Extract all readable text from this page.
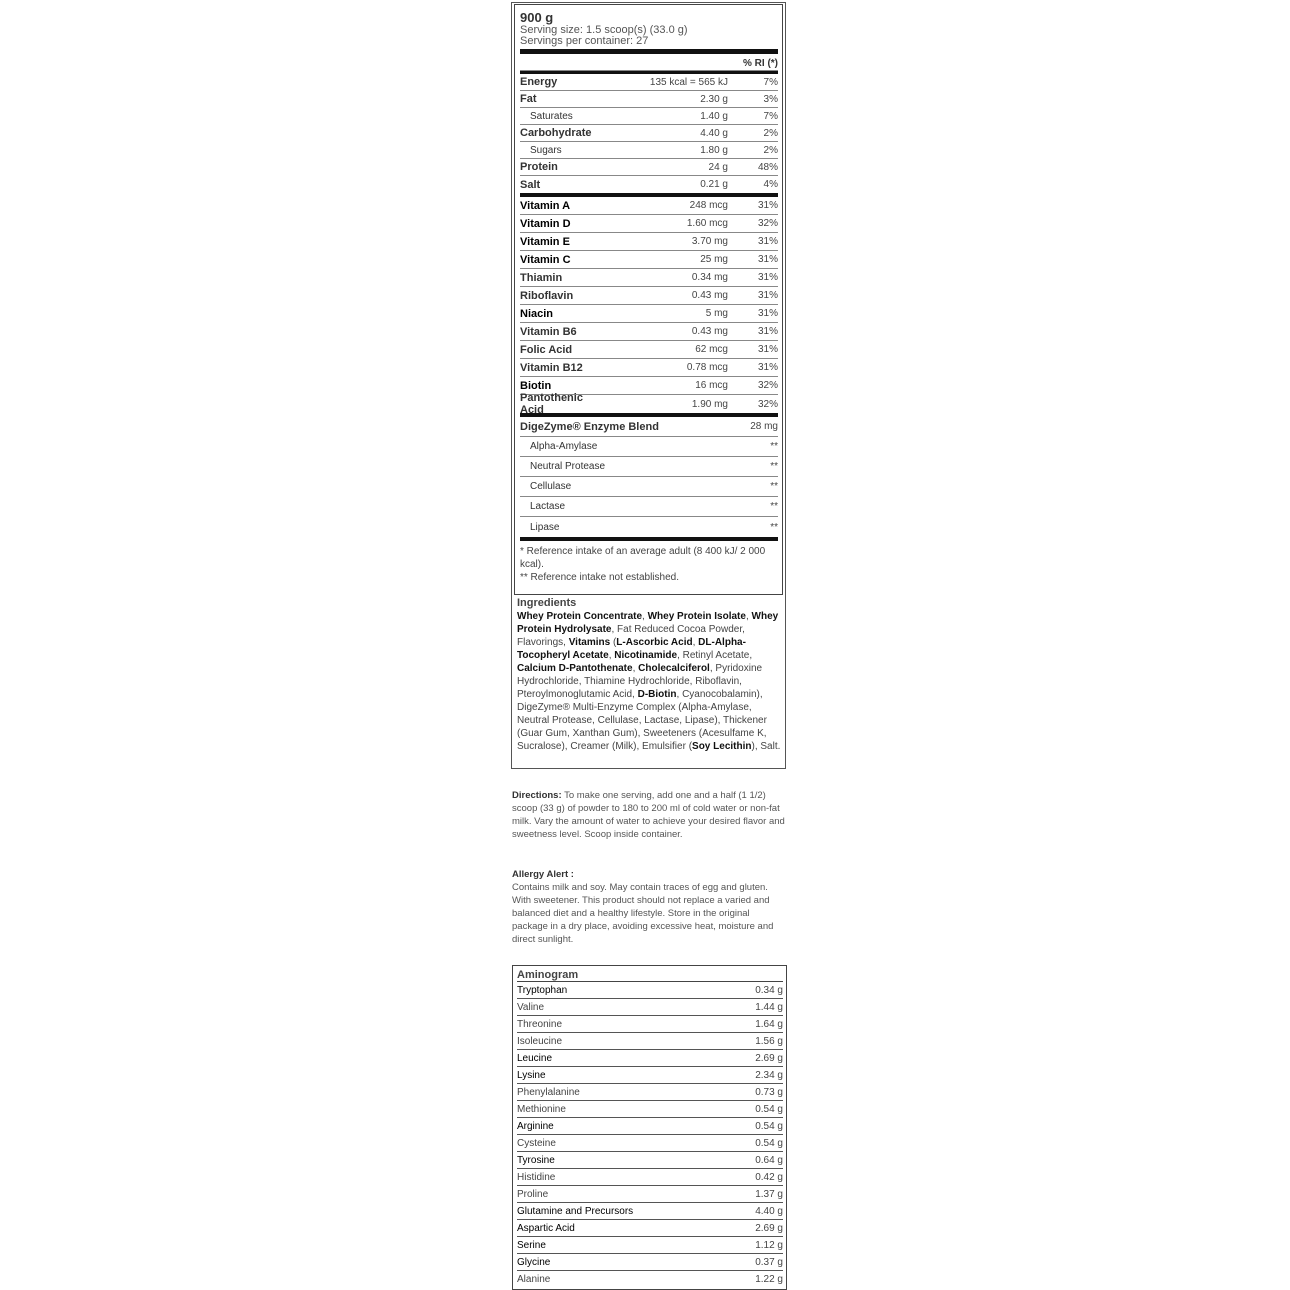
900 g
Serving size: 1.5 scoop(s) (33.0 g)
Servings per container: 27
% RI (*)
Energy	135 kcal = 565 kJ	7%
Fat	2.30 g	3%
Saturates	1.40 g	7%
Carbohydrate	4.40 g	2%
Sugars	1.80 g	2%
Protein	24 g	48%
Salt	0.21 g	4%
Vitamin A	248 mcg	31%
Vitamin D	1.60 mcg	32%
Vitamin E	3.70 mg	31%
Vitamin C	25 mg	31%
Thiamin	0.34 mg	31%
Riboflavin	0.43 mg	31%
Niacin	5 mg	31%
Vitamin B6	0.43 mg	31%
Folic Acid	62 mcg	31%
Vitamin B12	0.78 mcg	31%
Biotin	16 mcg	32%
Pantothenic Acid	1.90 mg	32%
DigeZyme® Enzyme Blend	28 mg
Alpha-Amylase	**
Neutral Protease	**
Cellulase	**
Lactase	**
Lipase	**
* Reference intake of an average adult (8 400 kJ/ 2 000 kcal).
** Reference intake not established.
Ingredients
Whey Protein Concentrate, Whey Protein Isolate, Whey Protein Hydrolysate, Fat Reduced Cocoa Powder, Flavorings, Vitamins (L-Ascorbic Acid, DL-Alpha-Tocopheryl Acetate, Nicotinamide, Retinyl Acetate, Calcium D-Pantothenate, Cholecalciferol, Pyridoxine Hydrochloride, Thiamine Hydrochloride, Riboflavin, Pteroylmonoglutamic Acid, D-Biotin, Cyanocobalamin), DigeZyme® Multi-Enzyme Complex (Alpha-Amylase, Neutral Protease, Cellulase, Lactase, Lipase), Thickener (Guar Gum, Xanthan Gum), Sweeteners (Acesulfame K, Sucralose), Creamer (Milk), Emulsifier (Soy Lecithin), Salt.
Directions: To make one serving, add one and a half (1 1/2) scoop (33 g) of powder to 180 to 200 ml of cold water or non-fat milk. Vary the amount of water to achieve your desired flavor and sweetness level. Scoop inside container.
Allergy Alert :
Contains milk and soy. May contain traces of egg and gluten. With sweetener. This product should not replace a varied and balanced diet and a healthy lifestyle. Store in the original package in a dry place, avoiding excessive heat, moisture and direct sunlight.
Aminogram
Tryptophan	0.34 g
Valine	1.44 g
Threonine	1.64 g
Isoleucine	1.56 g
Leucine	2.69 g
Lysine	2.34 g
Phenylalanine	0.73 g
Methionine	0.54 g
Arginine	0.54 g
Cysteine	0.54 g
Tyrosine	0.64 g
Histidine	0.42 g
Proline	1.37 g
Glutamine and Precursors	4.40 g
Aspartic Acid	2.69 g
Serine	1.12 g
Glycine	0.37 g
Alanine	1.22 g
